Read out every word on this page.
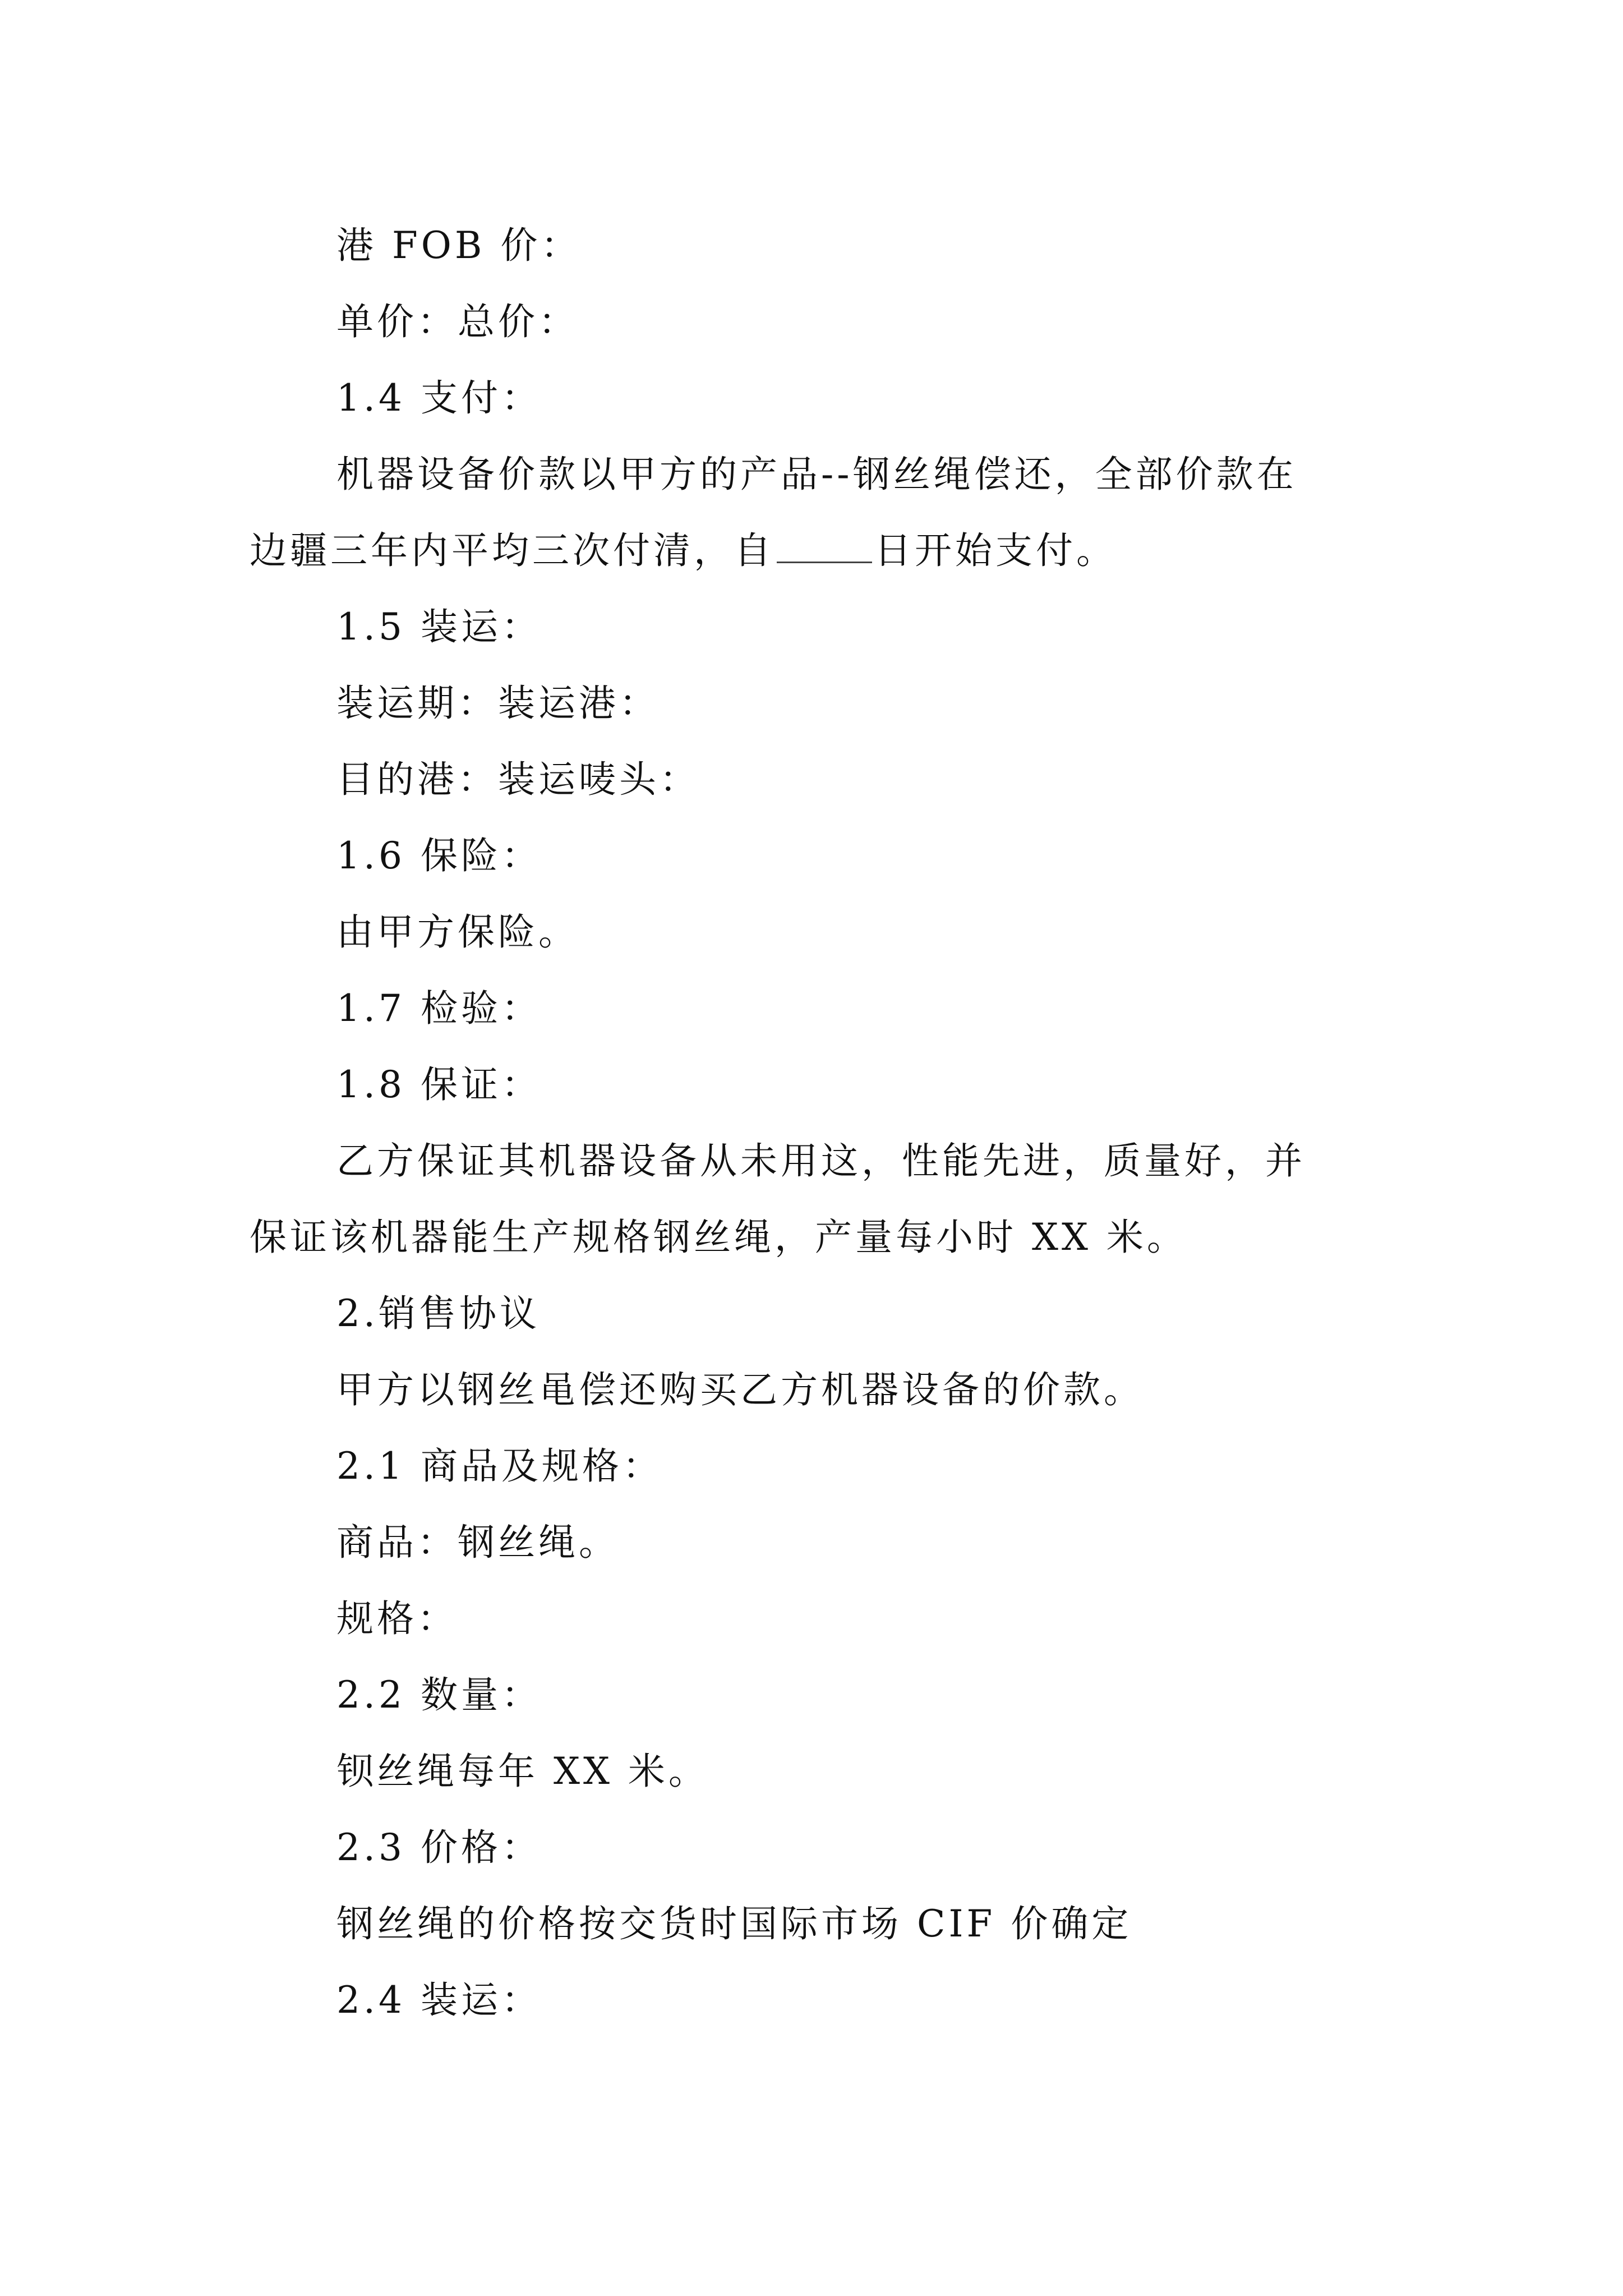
港 FOB 价：
单价：总价：
1.4 支付：
机器设备价款以甲方的产品--钢丝绳偿还，全部价款在
边疆三年内平均三次付清，自	日开始支付。
1.5 装运：
装运期：装运港：
目的港：装运唛头：
1.6 保险：
由甲方保险。
1.7 检验：
1.8 保证：
乙方保证其机器设备从未用这，性能先进，质量好，并
保证该机器能生产规格钢丝绳，产量每小时 XX 米。
2.销售协议
甲方以钢丝黾偿还购买乙方机器设备的价款。
2.1 商品及规格：
商品：钢丝绳。
规格：
2.2 数量：
钡丝绳每年 XX 米。
2.3 价格：
钢丝绳的价格按交货时国际市场 CIF 价确定
2.4 装运：
